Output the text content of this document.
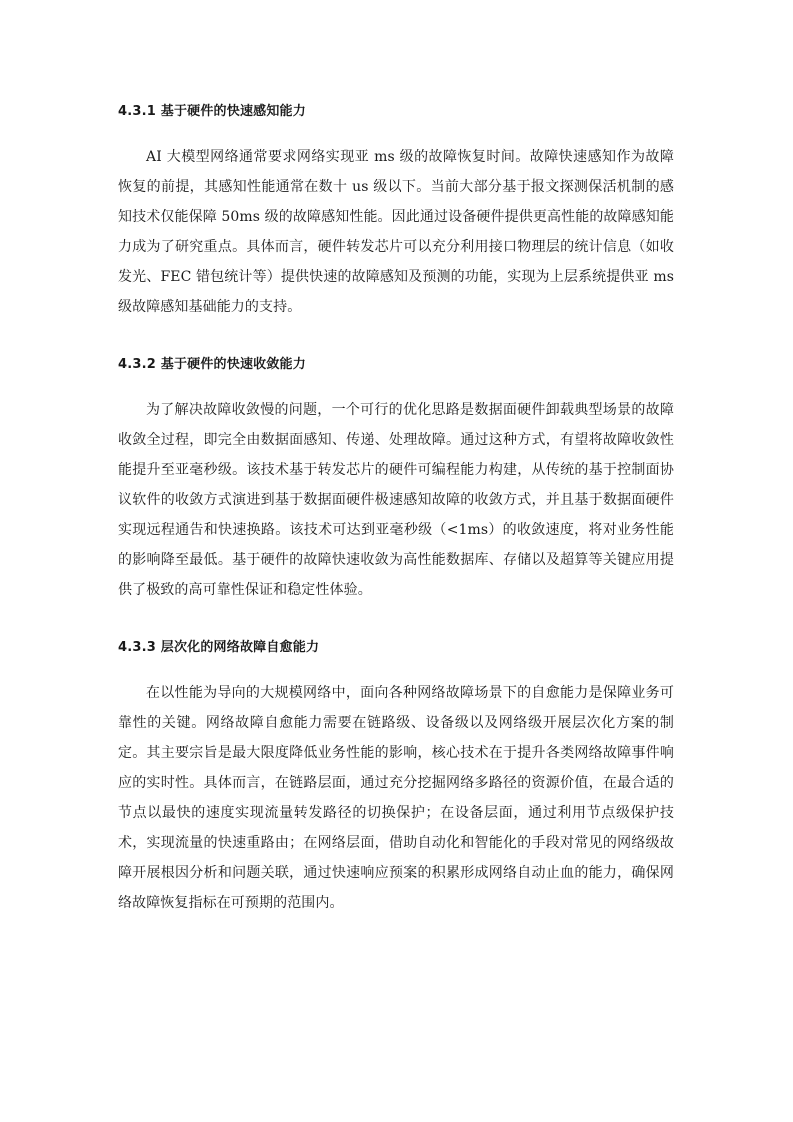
4.3.1 基于硬件的快速感知能力

AI 大模型网络通常要求网络实现亚 ms 级的故障恢复时间。故障快速感知作为故障恢复的前提，其感知性能通常在数十 us 级以下。当前大部分基于报文探测保活机制的感知技术仅能保障 50ms 级的故障感知性能。因此通过设备硬件提供更高性能的故障感知能力成为了研究重点。具体而言，硬件转发芯片可以充分利用接口物理层的统计信息（如收发光、FEC 错包统计等）提供快速的故障感知及预测的功能，实现为上层系统提供亚 ms 级故障感知基础能力的支持。

4.3.2 基于硬件的快速收敛能力

为了解决故障收敛慢的问题，一个可行的优化思路是数据面硬件卸载典型场景的故障收敛全过程，即完全由数据面感知、传递、处理故障。通过这种方式，有望将故障收敛性能提升至亚毫秒级。该技术基于转发芯片的硬件可编程能力构建，从传统的基于控制面协议软件的收敛方式演进到基于数据面硬件极速感知故障的收敛方式，并且基于数据面硬件实现远程通告和快速换路。该技术可达到亚毫秒级（<1ms）的收敛速度，将对业务性能的影响降至最低。基于硬件的故障快速收敛为高性能数据库、存储以及超算等关键应用提供了极致的高可靠性保证和稳定性体验。

4.3.3 层次化的网络故障自愈能力

在以性能为导向的大规模网络中，面向各种网络故障场景下的自愈能力是保障业务可靠性的关键。网络故障自愈能力需要在链路级、设备级以及网络级开展层次化方案的制定。其主要宗旨是最大限度降低业务性能的影响，核心技术在于提升各类网络故障事件响应的实时性。具体而言，在链路层面，通过充分挖掘网络多路径的资源价值，在最合适的节点以最快的速度实现流量转发路径的切换保护；在设备层面，通过利用节点级保护技术，实现流量的快速重路由；在网络层面，借助自动化和智能化的手段对常见的网络级故障开展根因分析和问题关联，通过快速响应预案的积累形成网络自动止血的能力，确保网络故障恢复指标在可预期的范围内。
